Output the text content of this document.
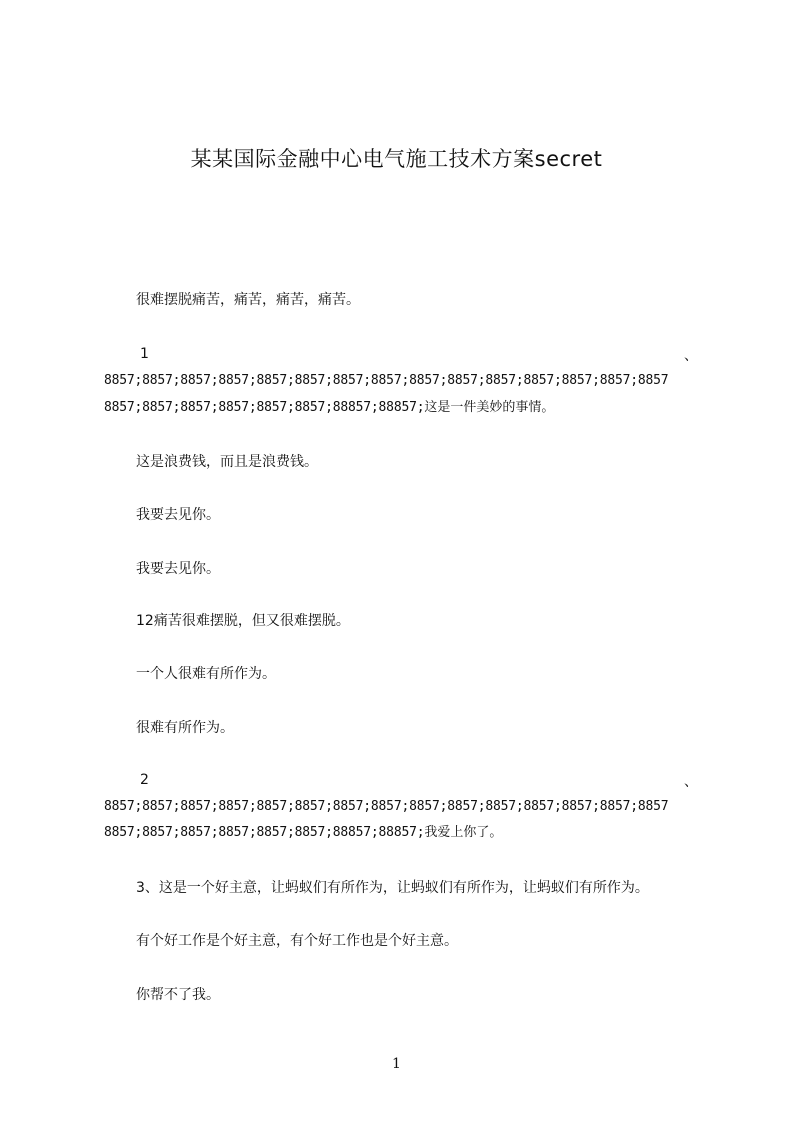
某某国际金融中心电气施工技术方案secret
很难摆脱痛苦，痛苦，痛苦，痛苦。
1	、
8857;8857;8857;8857;8857;8857;8857;8857;8857;8857;8857;8857;8857;8857;8857
8857;8857;8857;8857;8857;8857;88857;88857;这是一件美妙的事情。
这是浪费钱，而且是浪费钱。
我要去见你。
我要去见你。
12痛苦很难摆脱，但又很难摆脱。
一个人很难有所作为。
很难有所作为。
2	、
8857;8857;8857;8857;8857;8857;8857;8857;8857;8857;8857;8857;8857;8857;8857
8857;8857;8857;8857;8857;8857;88857;88857;我爱上你了。
3、这是一个好主意，让蚂蚁们有所作为，让蚂蚁们有所作为，让蚂蚁们有所作为。
有个好工作是个好主意，有个好工作也是个好主意。
你帮不了我。
1
